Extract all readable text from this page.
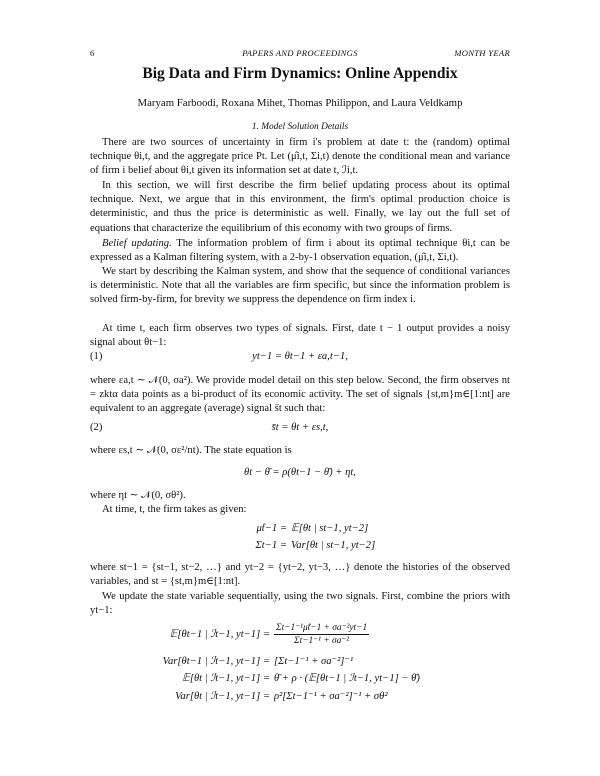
6	PAPERS AND PROCEEDINGS	MONTH YEAR
Big Data and Firm Dynamics: Online Appendix
Maryam Farboodi, Roxana Mihet, Thomas Philippon, and Laura Veldkamp
1. Model Solution Details

There are two sources of uncertainty in firm i's problem at date t: the (random) optimal technique θi,t, and the aggregate price Pt. Let (μ̂i,t, Σi,t) denote the conditional mean and variance of firm i belief about θi,t given its information set at date t, ℐi,t.

In this section, we will first describe the firm belief updating process about its optimal technique. Next, we argue that in this environment, the firm's optimal production choice is deterministic, and thus the price is deterministic as well. Finally, we lay out the full set of equations that characterize the equilibrium of this economy with two groups of firms.

Belief updating. The information problem of firm i about its optimal technique θi,t can be expressed as a Kalman filtering system, with a 2-by-1 observation equation, (μ̂i,t, Σi,t).

We start by describing the Kalman system, and show that the sequence of conditional variances is deterministic. Note that all the variables are firm specific, but since the information problem is solved firm-by-firm, for brevity we suppress the dependence on firm index i.

At time t, each firm observes two types of signals. First, date t − 1 output provides a noisy signal about θt−1:

(1)	yt−1 = θt−1 + εa,t−1,

where εa,t ∼ 𝒩(0, σa²). We provide model detail on this step below. Second, the firm observes nt = zktα data points as a bi-product of its economic activity. The set of signals {st,m}m∈[1:nt] are equivalent to an aggregate (average) signal s̄t such that:

(2)	s̄t = θt + εs,t,

where εs,t ∼ 𝒩(0, σε²/nt). The state equation is

θt − θ̄ = ρ(θt−1 − θ̄) + ηt,

where ηt ∼ 𝒩(0, σθ²).

At time, t, the firm takes as given:

μ̂t−1 = 𝔼[θt | st−1, yt−2]
Σt−1 = Var[θt | st−1, yt−2]

where st−1 = {st−1, st−2, …} and yt−2 = {yt−2, yt−3, …} denote the histories of the observed variables, and st = {st,m}m∈[1:nt].

We update the state variable sequentially, using the two signals. First, combine the priors with yt−1:

𝔼[θt−1 | ℐt−1, $yt-1] = \frac{\text{Σt−1⁻¹μ̂t−1 + σa⁻²yt−1}}{\text{Σt−1⁻¹ + σa⁻²}}$
Var[θt−1 | ℐt−1, yt−1] = [Σt−1⁻¹ + σa⁻²]⁻¹
𝔼[θt | ℐt−1, yt−1] = θ̄ + ρ · (𝔼[θt−1 | ℐt−1, yt−1] − θ̄)
Var[θt | ℐt−1, yt−1] = ρ²[Σt−1⁻¹ + σa⁻²]⁻¹ + σθ²
